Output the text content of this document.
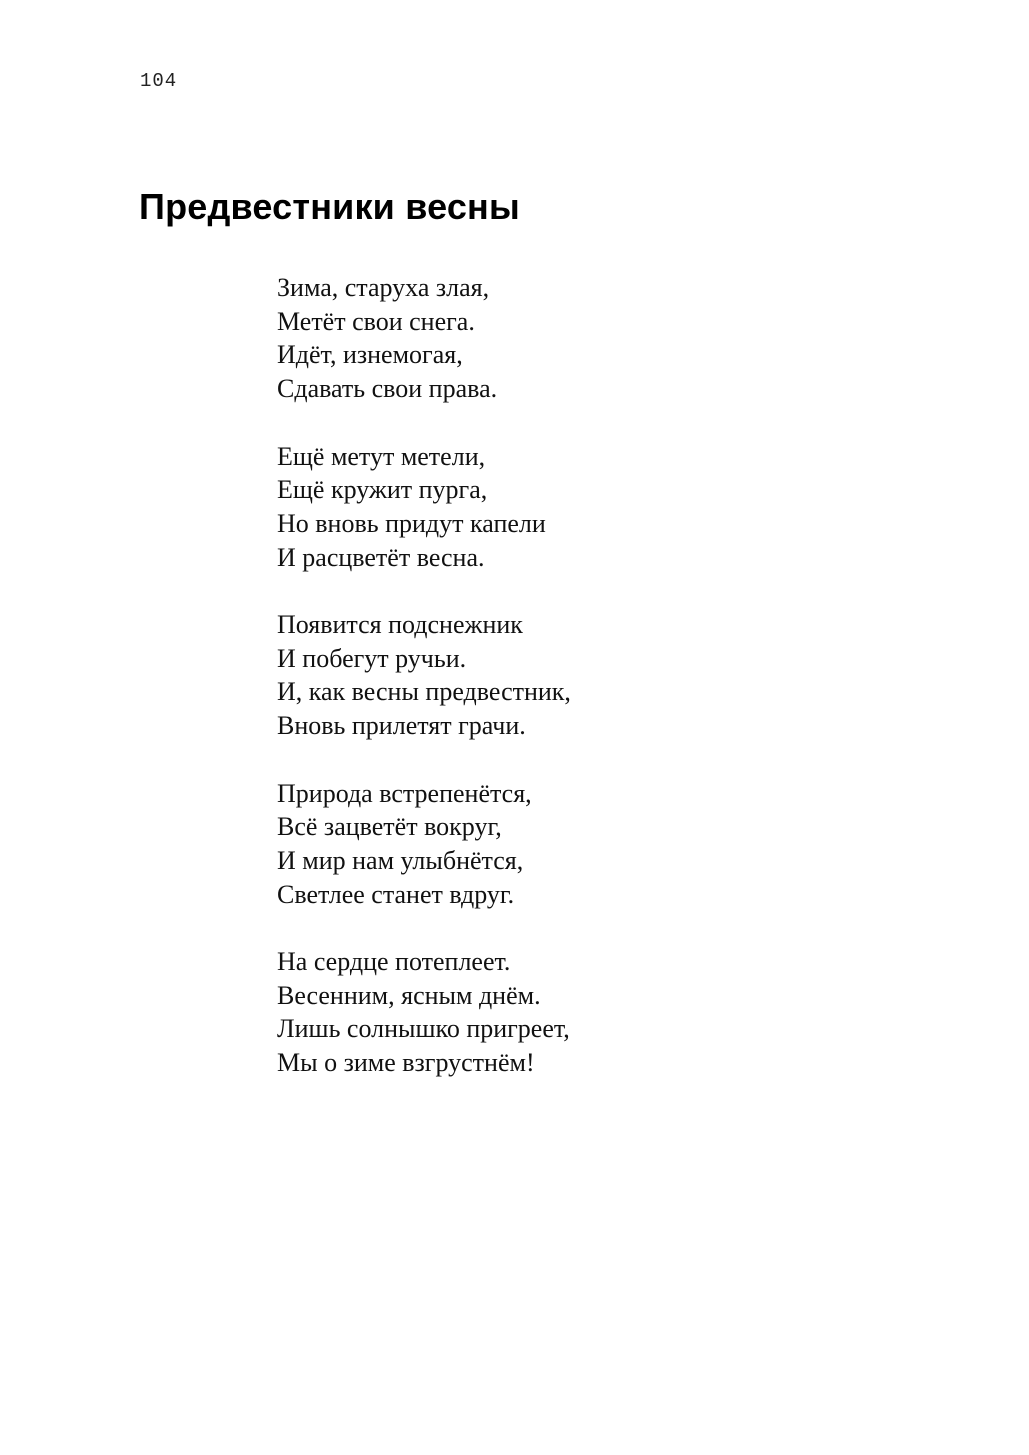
104
Предвестники весны
Зима, старуха злая,
Метёт свои снега.
Идёт, изнемогая,
Сдавать свои права.
Ещё метут метели,
Ещё кружит пурга,
Но вновь придут капели
И расцветёт весна.
Появится подснежник
И побегут ручьи.
И, как весны предвестник,
Вновь прилетят грачи.
Природа встрепенётся,
Всё зацветёт вокруг,
И мир нам улыбнётся,
Светлее станет вдруг.
На сердце потеплеет.
Весенним, ясным днём.
Лишь солнышко пригреет,
Мы о зиме взгрустнём!
